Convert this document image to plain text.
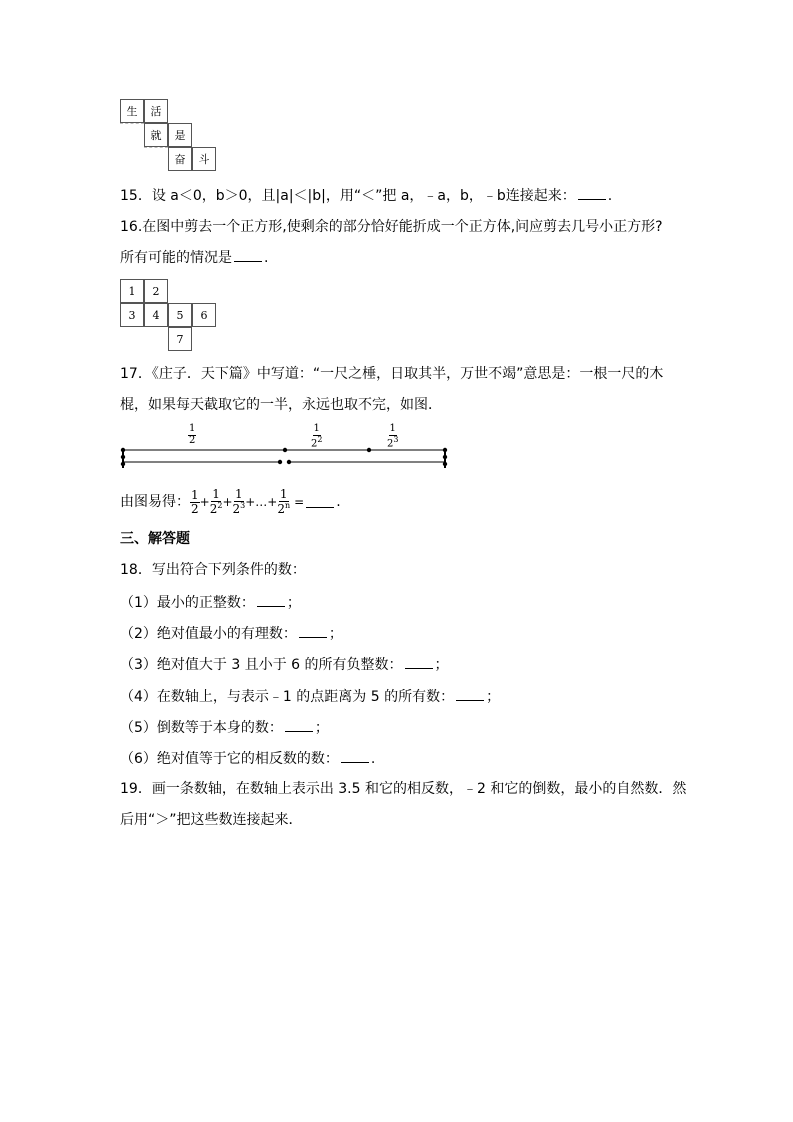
生	活
就	是
奋	斗
15．设 a＜0，b＞0，且|a|＜|b|，用“＜”把 a，﹣a，b，﹣b连接起来： .
16.在图中剪去一个正方形,使剩余的部分恰好能折成一个正方体,问应剪去几号小正方形?
所有可能的情况是 .
1	2
3	4	5	6
7
17．《庄子．天下篇》中写道：“一尺之棰，日取其半，万世不竭”意思是：一根一尺的木
棍，如果每天截取它的一半，永远也取不完，如图．
$\frac{1}{2}$	$\frac{1}{2^2}$	$\frac{1}{2^3}$
由图易得： $\frac{1}{2} + \frac{1}{2^2} + \frac{1}{2^3}$ +…+ $\frac{1}{2^n}$ = .
三、解答题
18．写出符合下列条件的数：
（1）最小的正整数： ；
（2）绝对值最小的有理数： ；
（3）绝对值大于 3 且小于 6 的所有负整数： ；
（4）在数轴上，与表示﹣1 的点距离为 5 的所有数： ；
（5）倒数等于本身的数： ；
（6）绝对值等于它的相反数的数： .
19．画一条数轴，在数轴上表示出 3.5 和它的相反数，﹣2 和它的倒数，最小的自然数．然
后用“＞”把这些数连接起来．
